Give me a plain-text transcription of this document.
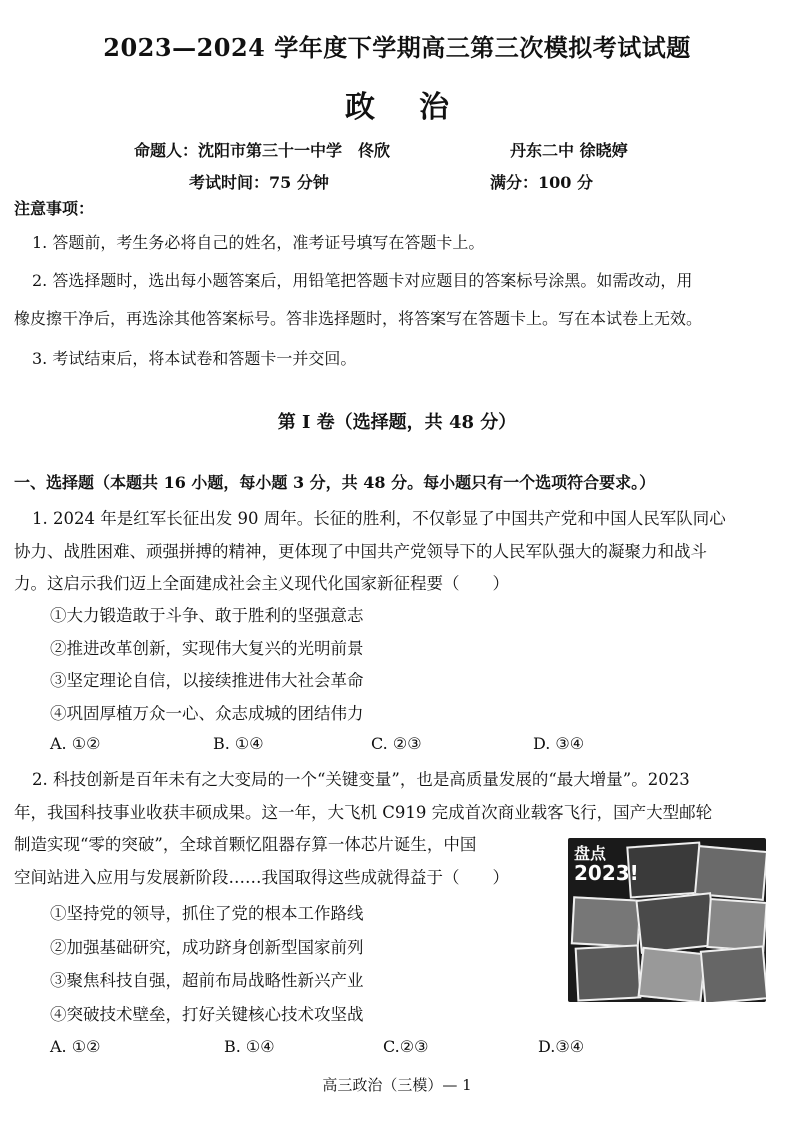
2023—2024 学年度下学期高三第三次模拟考试试题
政治
命题人：沈阳市第三十一中学　佟欣	丹东二中 徐晓婷
考试时间：75 分钟	满分：100 分
注意事项：
1. 答题前，考生务必将自己的姓名，准考证号填写在答题卡上。
2. 答选择题时，选出每小题答案后，用铅笔把答题卡对应题目的答案标号涂黑。如需改动，用
橡皮擦干净后，再选涂其他答案标号。答非选择题时，将答案写在答题卡上。写在本试卷上无效。
3. 考试结束后，将本试卷和答题卡一并交回。
第 I 卷（选择题，共 48 分）
一、选择题（本题共 16 小题，每小题 3 分，共 48 分。每小题只有一个选项符合要求。）
1. 2024 年是红军长征出发 90 周年。长征的胜利，不仅彰显了中国共产党和中国人民军队同心
协力、战胜困难、顽强拼搏的精神，更体现了中国共产党领导下的人民军队强大的凝聚力和战斗
力。这启示我们迈上全面建成社会主义现代化国家新征程要（　　）
①大力锻造敢于斗争、敢于胜利的坚强意志
②推进改革创新，实现伟大复兴的光明前景
③坚定理论自信，以接续推进伟大社会革命
④巩固厚植万众一心、众志成城的团结伟力
A. ①②	B. ①④	C. ②③	D. ③④
2. 科技创新是百年未有之大变局的一个“关键变量”，也是高质量发展的“最大增量”。2023
年，我国科技事业收获丰硕成果。这一年，大飞机 C919 完成首次商业载客飞行，国产大型邮轮
制造实现“零的突破”，全球首颗忆阻器存算一体芯片诞生，中国
空间站进入应用与发展新阶段……我国取得这些成就得益于（　　）
①坚持党的领导，抓住了党的根本工作路线
②加强基础研究，成功跻身创新型国家前列
③聚焦科技自强，超前布局战略性新兴产业
④突破技术壁垒，打好关键核心技术攻坚战
A. ①②	B. ①④	C.②③	D.③④
盘点
2023!
高三政治（三模）— 1
